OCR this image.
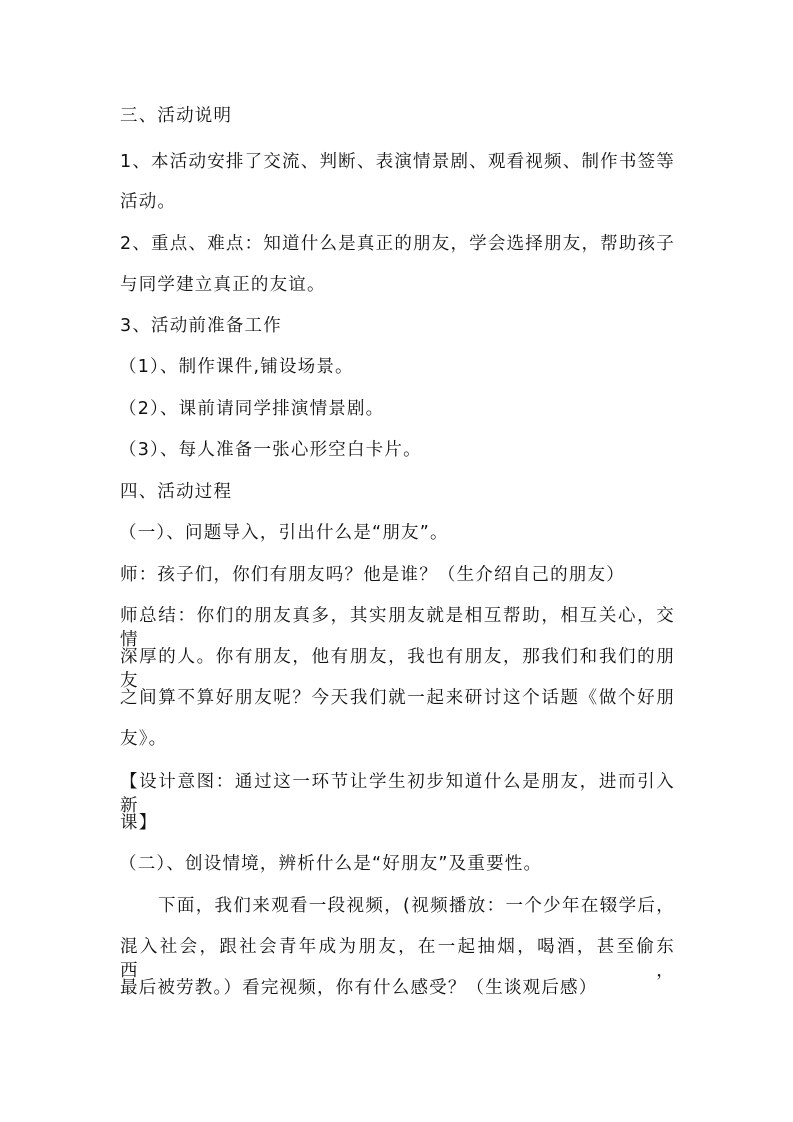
三、活动说明
1、本活动安排了交流、判断、表演情景剧、观看视频、制作书签等
活动。
2、重点、难点：知道什么是真正的朋友，学会选择朋友，帮助孩子
与同学建立真正的友谊。
3、活动前准备工作
（1）、制作课件,铺设场景。
（2）、课前请同学排演情景剧。
（3）、每人准备一张心形空白卡片。
四、活动过程
（一）、问题导入，引出什么是“朋友”。
师：孩子们，你们有朋友吗？他是谁？（生介绍自己的朋友）
师总结：你们的朋友真多，其实朋友就是相互帮助，相互关心，交情
深厚的人。你有朋友，他有朋友，我也有朋友，那我们和我们的朋友
之间算不算好朋友呢？今天我们就一起来研讨这个话题《做个好朋
友》。
【设计意图：通过这一环节让学生初步知道什么是朋友，进而引入新
课】
（二）、创设情境，辨析什么是“好朋友”及重要性。
下面，我们来观看一段视频，(视频播放：一个少年在辍学后，
混入社会，跟社会青年成为朋友，在一起抽烟，喝酒，甚至偷东西，
最后被劳教。）看完视频，你有什么感受？（生谈观后感）
